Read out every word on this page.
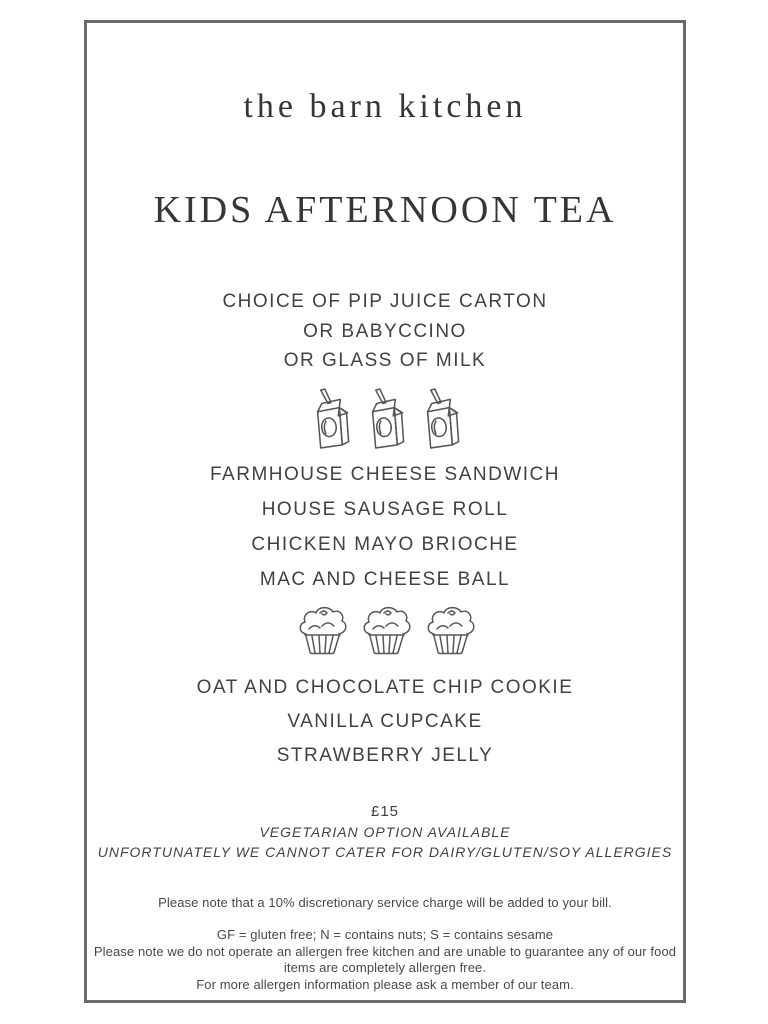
the barn kitchen
KIDS AFTERNOON TEA
CHOICE OF PIP JUICE CARTON
OR BABYCCINO
OR GLASS OF MILK
FARMHOUSE CHEESE SANDWICH
HOUSE SAUSAGE ROLL
CHICKEN MAYO BRIOCHE
MAC AND CHEESE BALL
OAT AND CHOCOLATE CHIP COOKIE
VANILLA CUPCAKE
STRAWBERRY JELLY
£15
VEGETARIAN OPTION AVAILABLE
UNFORTUNATELY WE CANNOT CATER FOR DAIRY/GLUTEN/SOY ALLERGIES
Please note that a 10% discretionary service charge will be added to your bill.
GF = gluten free; N = contains nuts; S = contains sesame
Please note we do not operate an allergen free kitchen and are unable to guarantee any of our food items are completely allergen free.
For more allergen information please ask a member of our team.
